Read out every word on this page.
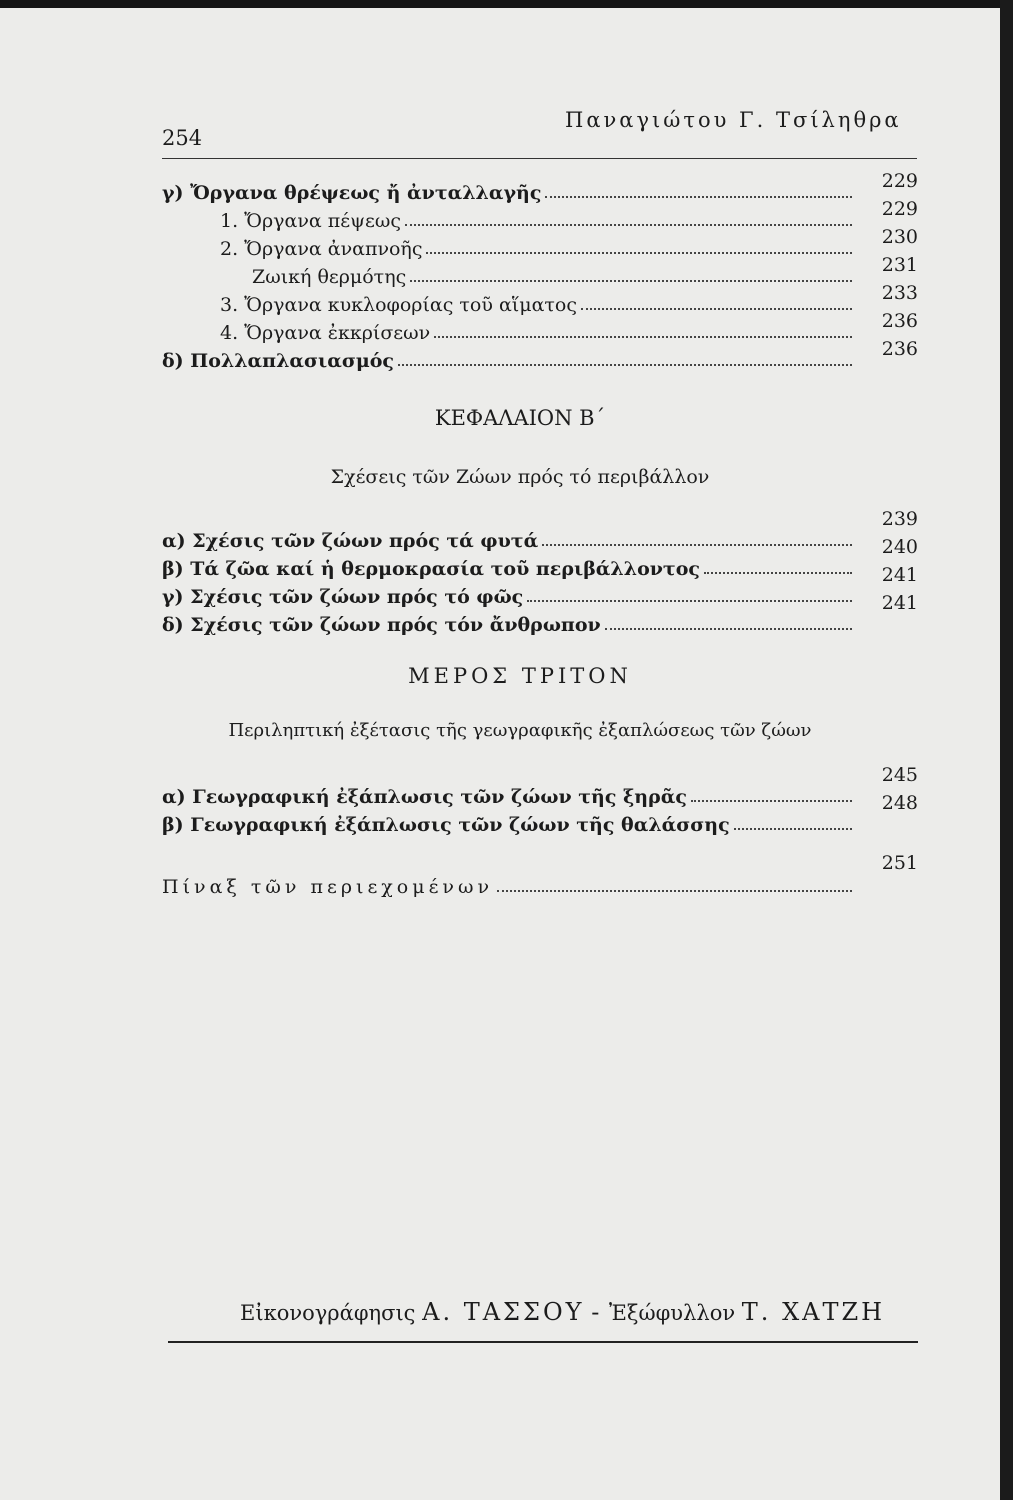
254
Παναγιώτου Γ. Τσίληθρα
γ) Ὄργανα θρέψεως ἤ ἀνταλλαγῆς
229
1. Ὄργανα πέψεως
229
2. Ὄργανα ἀναπνοῆς
230
Ζωική θερμότης
231
3. Ὄργανα κυκλοφορίας τοῦ αἵματος
233
4. Ὄργανα ἐκκρίσεων
236
δ) Πολλαπλασιασμός
236
ΚΕΦΑΛΑΙΟΝ Β΄
Σχέσεις τῶν Ζώων πρός τό περιβάλλον
α) Σχέσις τῶν ζώων πρός τά φυτά
239
β) Τά ζῶα καί ἡ θερμοκρασία τοῦ περιβάλλοντος
240
γ) Σχέσις τῶν ζώων πρός τό φῶς
241
δ) Σχέσις τῶν ζώων πρός τόν ἄνθρωπον
241
ΜΕΡΟΣ ΤΡΙΤΟΝ
Περιληπτική ἐξέτασις τῆς γεωγραφικῆς ἐξαπλώσεως τῶν ζώων
α) Γεωγραφική ἐξάπλωσις τῶν ζώων τῆς ξηρᾶς
245
β) Γεωγραφική ἐξάπλωσις τῶν ζώων τῆς θαλάσσης
248
Πίναξ τῶν περιεχομένων
251
Εἰκονογράφησις Α. ΤΑΣΣΟΥ - Ἐξώφυλλον Τ. ΧΑΤΖΗ
